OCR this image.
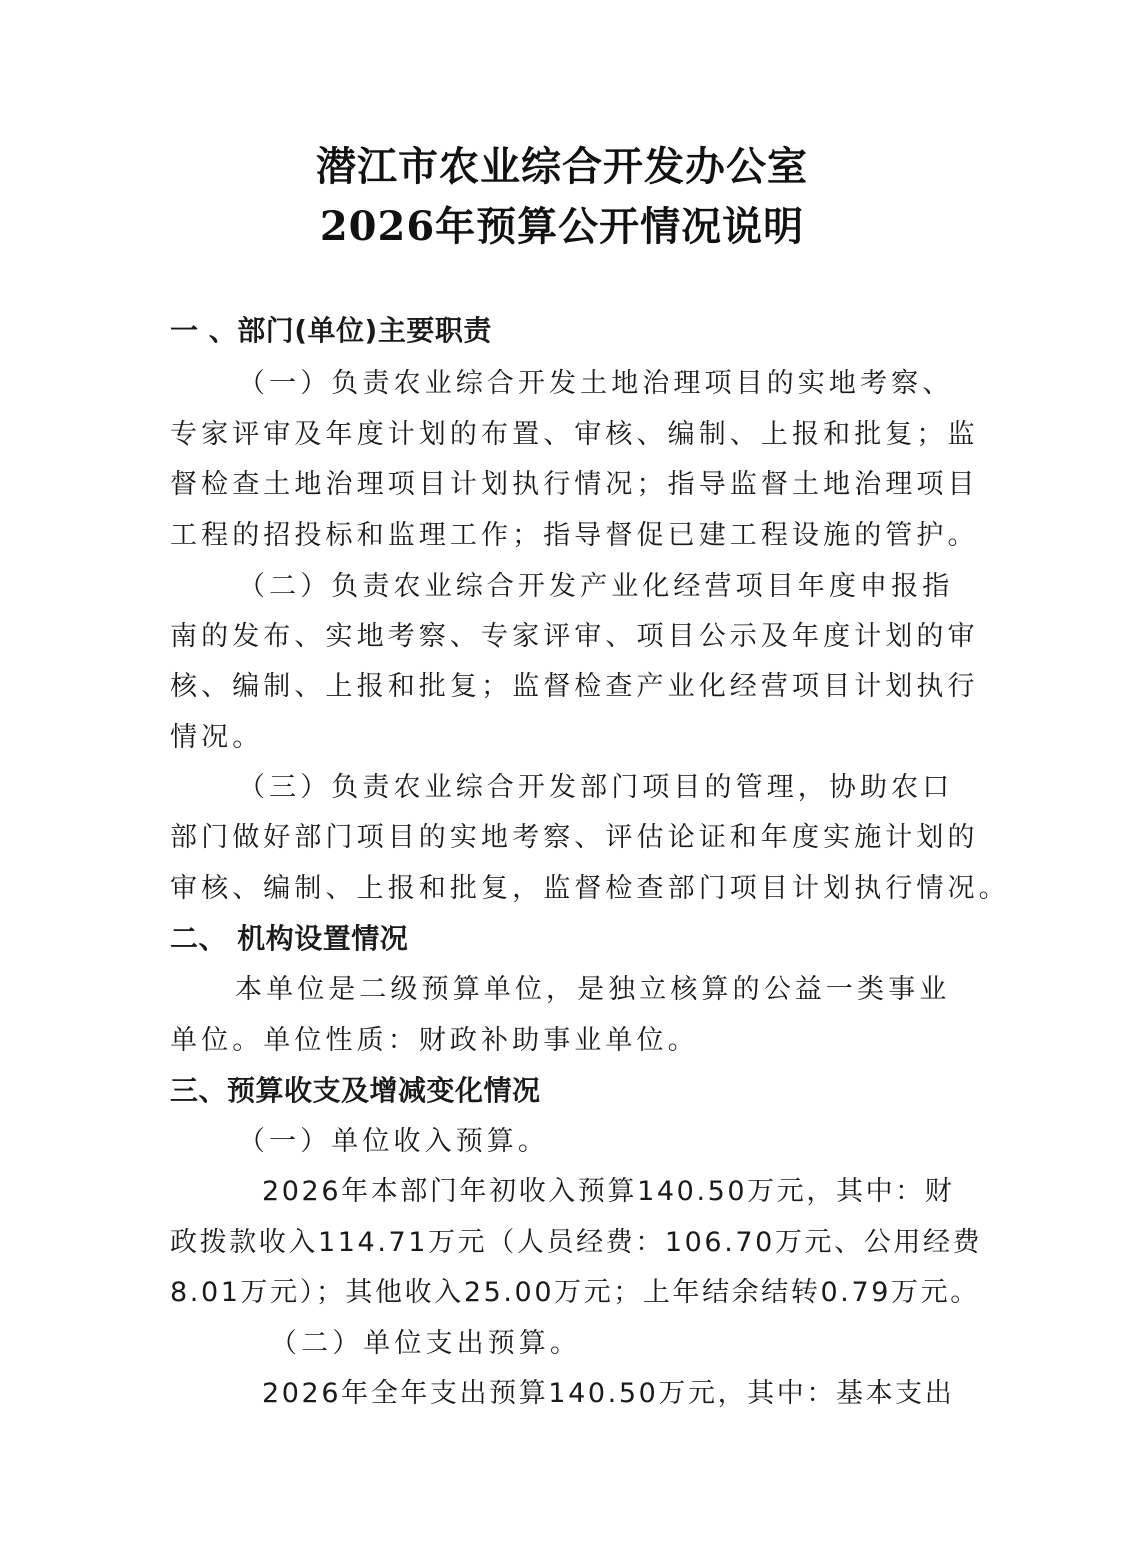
潜江市农业综合开发办公室
2026年预算公开情况说明
一 、部门(单位)主要职责
（一）负责农业综合开发土地治理项目的实地考察、
专家评审及年度计划的布置、审核、编制、上报和批复；监
督检查土地治理项目计划执行情况；指导监督土地治理项目
工程的招投标和监理工作；指导督促已建工程设施的管护。
（二）负责农业综合开发产业化经营项目年度申报指
南的发布、实地考察、专家评审、项目公示及年度计划的审
核、编制、上报和批复；监督检查产业化经营项目计划执行
情况。
（三）负责农业综合开发部门项目的管理，协助农口
部门做好部门项目的实地考察、评估论证和年度实施计划的
审核、编制、上报和批复，监督检查部门项目计划执行情况。
二、 机构设置情况
本单位是二级预算单位，是独立核算的公益一类事业
单位。单位性质：财政补助事业单位。
三、预算收支及增减变化情况
（一）单位收入预算。
2026年本部门年初收入预算140.50万元，其中：财
政拨款收入114.71万元（人员经费：106.70万元、公用经费
8.01万元）；其他收入25.00万元；上年结余结转0.79万元。
（二）单位支出预算。
2026年全年支出预算140.50万元，其中：基本支出
